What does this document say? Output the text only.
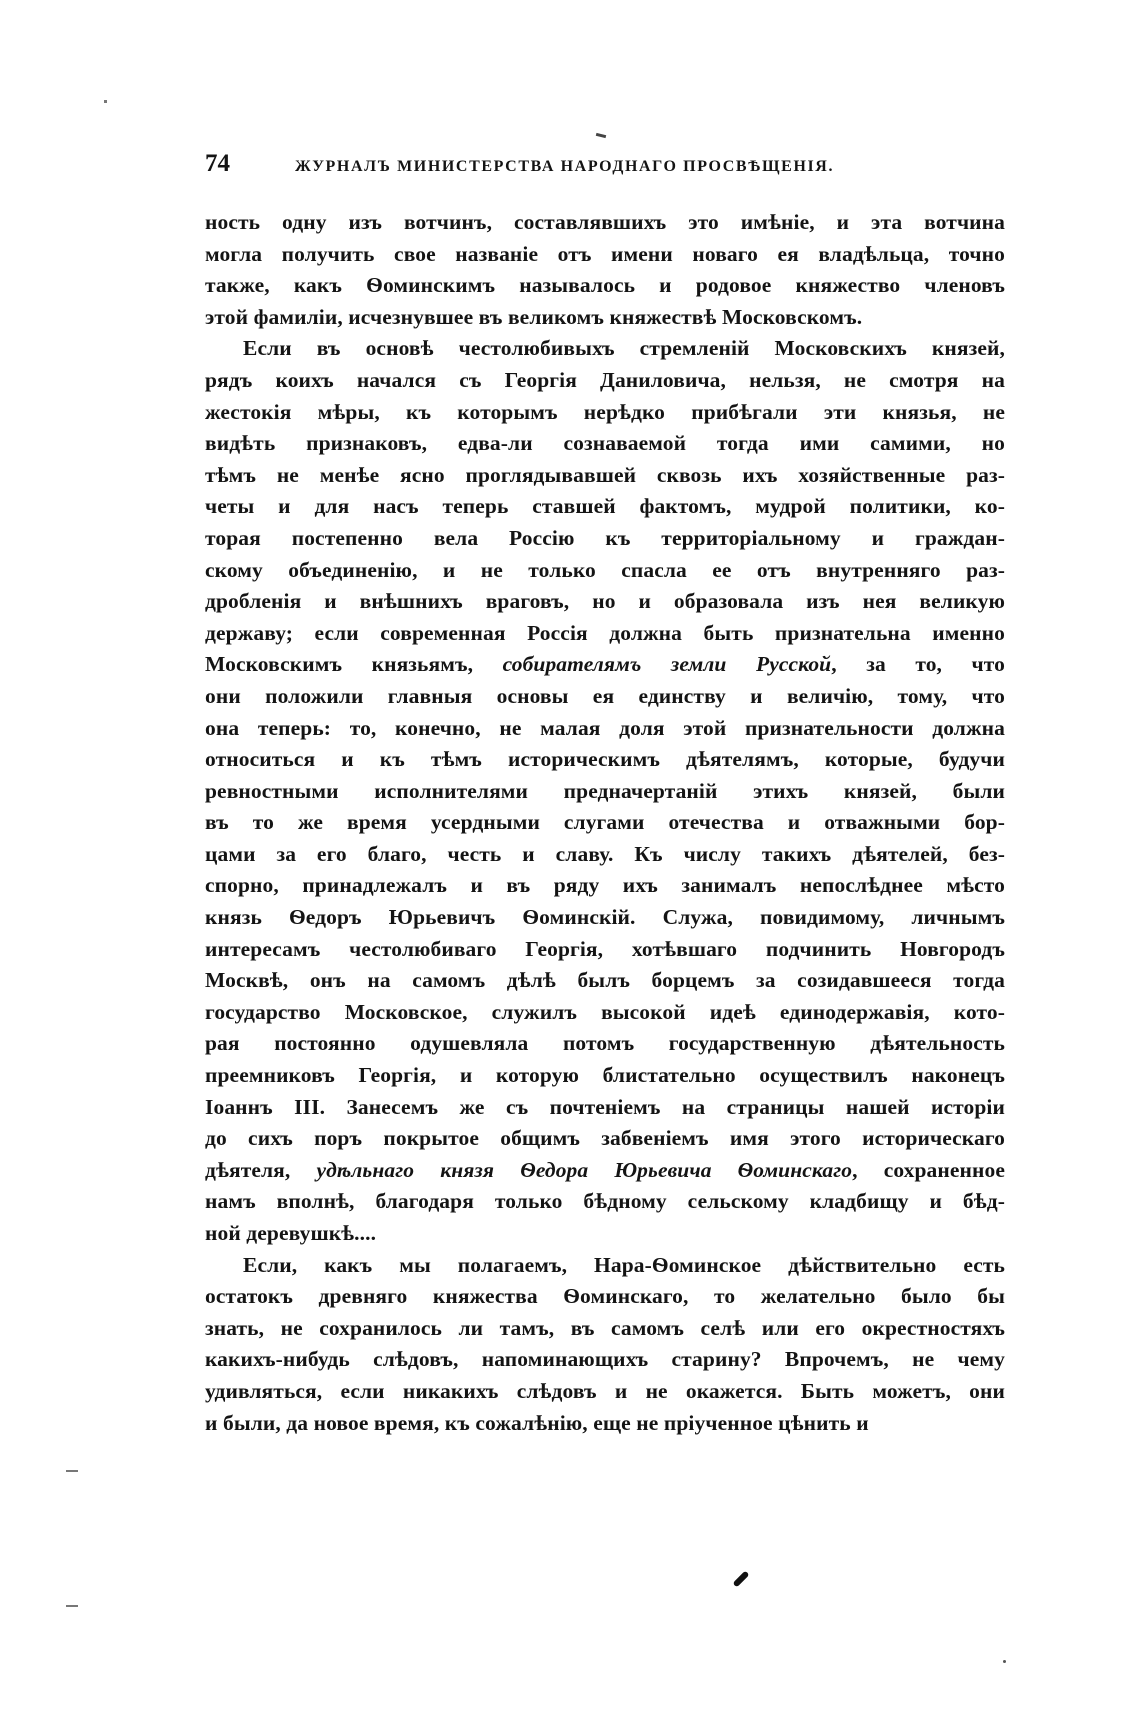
74	ЖУРНАЛЪ МИНИСТЕРСТВА НАРОДНАГО ПРОСВѢЩЕНІЯ.
ность одну изъ вотчинъ, составлявшихъ это имѣніе, и эта вотчина
могла получить свое названіе отъ имени новаго ея владѣльца, точно
также, какъ Ѳоминскимъ называлось и родовое княжество членовъ
этой фамиліи, исчезнувшее въ великомъ княжествѣ Московскомъ.
Если въ основѣ честолюбивыхъ стремленій Московскихъ князей,
рядъ коихъ начался съ Георгія Даниловича, нельзя, не смотря на
жестокія мѣры, къ которымъ нерѣдко прибѣгали эти князья, не
видѣть признаковъ, едва-ли сознаваемой тогда ими самими, но
тѣмъ не менѣе ясно проглядывавшей сквозь ихъ хозяйственные раз-
четы и для насъ теперь ставшей фактомъ, мудрой политики, ко-
торая постепенно вела Россію къ территоріальному и граждан-
скому объединенію, и не только спасла ее отъ внутренняго раз-
дробленія и внѣшнихъ враговъ, но и образовала изъ нея великую
державу; если современная Россія должна быть признательна именно
Московскимъ князьямъ, собирателямъ земли Русской, за то, что
они положили главныя основы ея единству и величію, тому, что
она теперь: то, конечно, не малая доля этой признательности должна
относиться и къ тѣмъ историческимъ дѣятелямъ, которые, будучи
ревностными исполнителями предначертаній этихъ князей, были
въ то же время усердными слугами отечества и отважными бор-
цами за его благо, честь и славу. Къ числу такихъ дѣятелей, без-
спорно, принадлежалъ и въ ряду ихъ занималъ непослѣднее мѣсто
князь Ѳедоръ Юрьевичъ Ѳоминскій. Служа, повидимому, личнымъ
интересамъ честолюбиваго Георгія, хотѣвшаго подчинить Новгородъ
Москвѣ, онъ на самомъ дѣлѣ былъ борцемъ за созидавшееся тогда
государство Московское, служилъ высокой идеѣ единодержавія, кото-
рая постоянно одушевляла потомъ государственную дѣятельность
преемниковъ Георгія, и которую блистательно осуществилъ наконецъ
Іоаннъ III. Занесемъ же съ почтеніемъ на страницы нашей исторіи
до сихъ поръ покрытое общимъ забвеніемъ имя этого историческаго
дѣятеля, удѣльнаго князя Ѳедора Юрьевича Ѳоминскаго, сохраненное
намъ вполнѣ, благодаря только бѣдному сельскому кладбищу и бѣд-
ной деревушкѣ....
Если, какъ мы полагаемъ, Нара-Ѳоминское дѣйствительно есть
остатокъ древняго княжества Ѳоминскаго, то желательно было бы
знать, не сохранилось ли тамъ, въ самомъ селѣ или его окрестностяхъ
какихъ-нибудь слѣдовъ, напоминающихъ старину? Впрочемъ, не чему
удивляться, если никакихъ слѣдовъ и не окажется. Быть можетъ, они
и были, да новое время, къ сожалѣнію, еще не пріученное цѣнить и
